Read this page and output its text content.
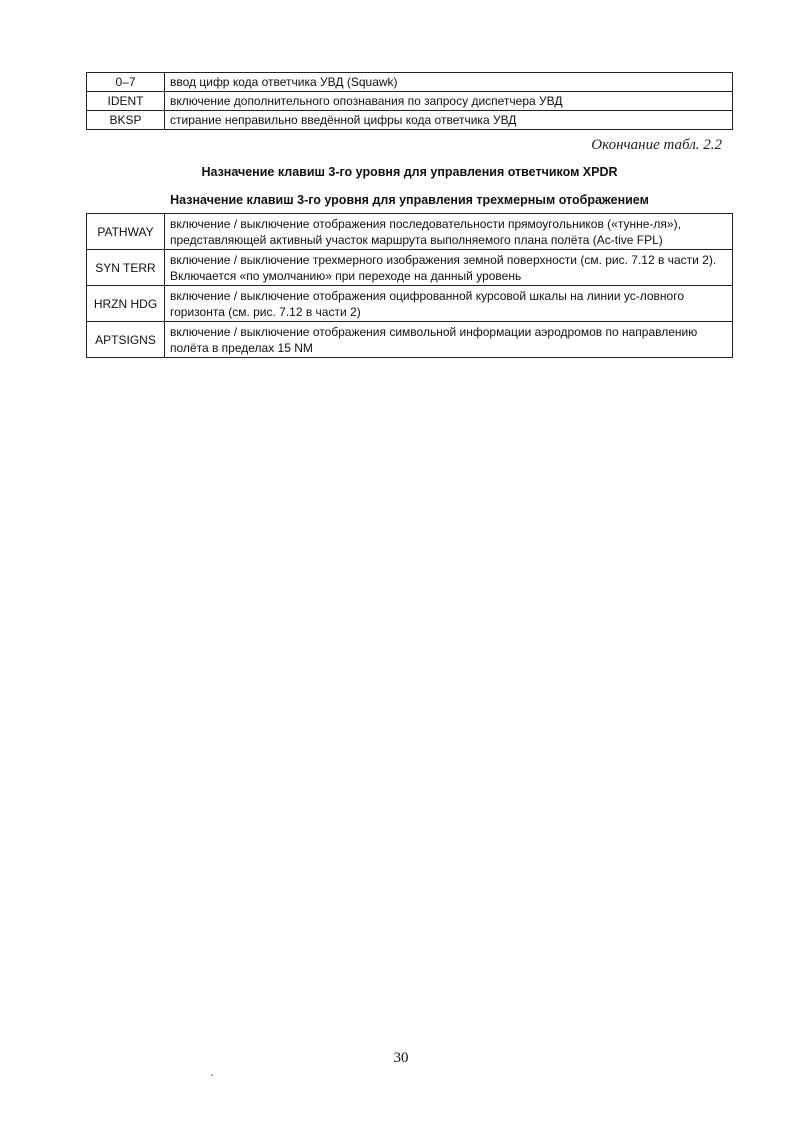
0–7	ввод цифр кода ответчика УВД (Squawk)
IDENT	включение дополнительного опознавания по запросу диспетчера УВД
BKSP	стирание неправильно введённой цифры кода ответчика УВД
Окончание табл. 2.2
Назначение клавиш 3-го уровня для управления ответчиком XPDR
Назначение клавиш 3-го уровня для управления трехмерным отображением
PATHWAY	включение / выключение отображения последовательности прямоугольников («тунне-ля»), представляющей активный участок маршрута выполняемого плана полёта (Ac-tive FPL)
SYN TERR	включение / выключение трехмерного изображения земной поверхности (см. рис. 7.12 в части 2). Включается «по умолчанию» при переходе на данный уровень
HRZN HDG	включение / выключение отображения оцифрованной курсовой шкалы на линии ус-ловного горизонта (см. рис. 7.12 в части 2)
APTSIGNS	включение / выключение отображения символьной информации аэродромов по направлению полёта в пределах 15 NM
30
